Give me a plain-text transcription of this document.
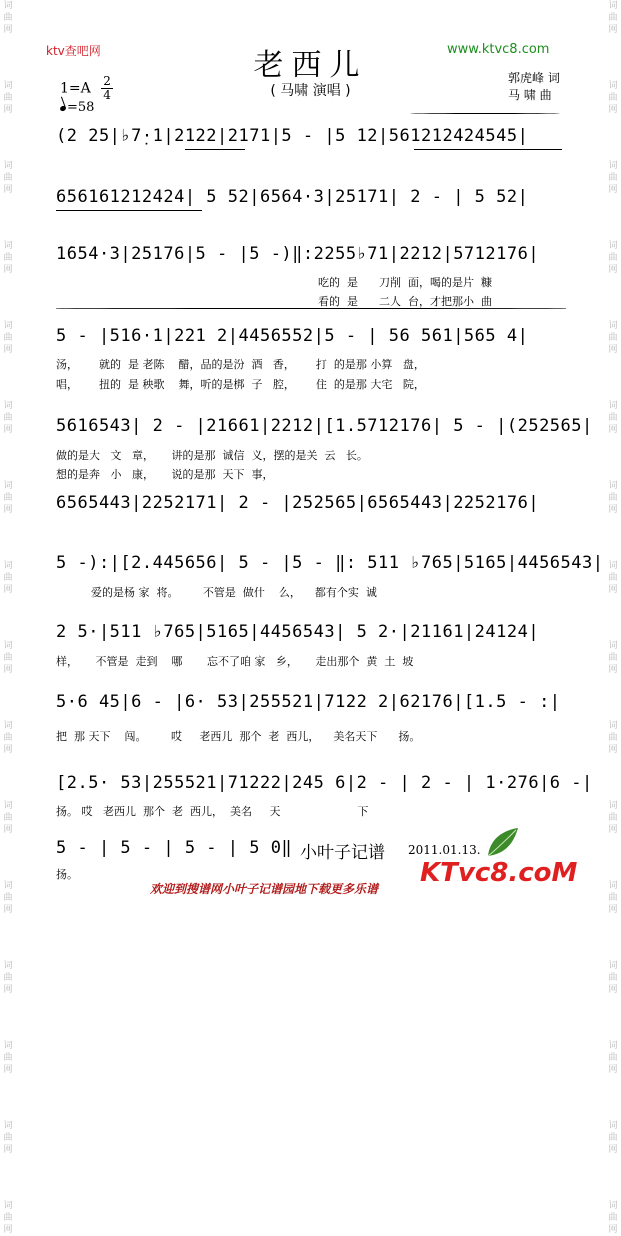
词曲网
词曲网
词曲网
词曲网
词曲网
词曲网
词曲网
词曲网
词曲网
词曲网
词曲网
词曲网
词曲网
词曲网
词曲网
词曲网
词曲网
词曲网
词曲网
词曲网
词曲网
词曲网
词曲网
词曲网
词曲网
词曲网
词曲网
词曲网
词曲网
词曲网
词曲网
词曲网
ktv查吧网	www.ktvc8.com
老西儿
( 马啸 演唱 )
郭虎峰 词
马 啸 曲
$1=A \frac{2}{4}$
=58
(2 25|♭7̣·1|2122|2171|5 - |5 12|561212424545|
656161212424| 5 52|6564·3|25171| 2 - | 5 52|
1̇654·3|25176|5 - |5 -)‖:2255♭71|2212|5712176|
吃的  是      刀削  面，喝的是片  糠
看的  是      二人  台，才把那小  曲
5 - |516·1|221 2|4456552|5 - | 56 561|565 4|
汤，      就的  是 老陈    醋，品的是汾  酒   香，      打  的是那 小算   盘，
唱，      扭的  是 秧歌    舞，听的是梆  子   腔，      住  的是那 大宅   院，
5616543| 2 - |21661|2212|[1.5712176| 5 - |(252565|
做的是大   文   章，     讲的是那  诚信  义，摆的是关  云   长。
想的是奔   小   康，     说的是那  天下  事，
6565443|2252171| 2 - |252565|6565443|2252176|
5 -):|[2.445656| 5 - |5 - ‖: 511 ♭765|5165|4456543|
爱的是杨 家  将。       不管是  做什    么，    都有个实  诚
2 5·|511 ♭765|5165|4456543| 5 2·|21161|24124|
样，     不管是  走到    哪       忘不了咱 家   乡，     走出那个  黄  土  坡
5·6 45|6 - |6· 53|255521|7122 2|62176|[1.5 - :|
把  那 天下    闯。       哎     老西儿  那个  老  西儿，    美名天下      扬。
[2.5· 53|255521|71222|245 6|2 - | 2 - | 1·276|6 -|
扬。 哎   老西儿  那个  老  西儿，  美名     天                      下
5 - | 5 - | 5 - | 5 0‖
扬。
小叶子记谱 2011.01.13.
KTvc8.coM
欢迎到搜谱网小叶子记谱园地下载更多乐谱
